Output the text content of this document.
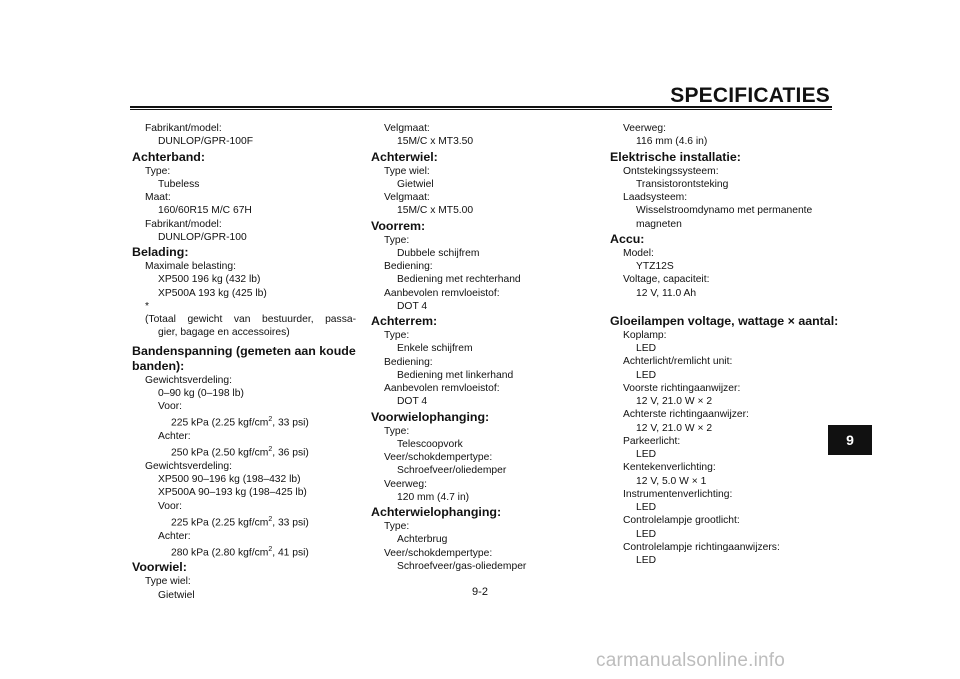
SPECIFICATIES
Fabrikant/model:
DUNLOP/GPR-100F
Achterband:
Type:
Tubeless
Maat:
160/60R15 M/C 67H
Fabrikant/model:
DUNLOP/GPR-100
Belading:
Maximale belasting:
XP500 196 kg (432 lb)
XP500A 193 kg (425 lb)
*(Totaal gewicht van bestuurder, passa-
gier, bagage en accessoires)
Bandenspanning (gemeten aan koude
banden):
Gewichtsverdeling:
0–90 kg (0–198 lb)
Voor:
225 kPa (2.25 kgf/$cm^2$, 33 psi)
Achter:
250 kPa (2.50 kgf/$cm^2$, 36 psi)
Gewichtsverdeling:
XP500 90–196 kg (198–432 lb)
XP500A 90–193 kg (198–425 lb)
Voor:
225 kPa (2.25 kgf/$cm^2$, 33 psi)
Achter:
280 kPa (2.80 kgf/$cm^2$, 41 psi)
Voorwiel:
Type wiel:
Gietwiel
Velgmaat:
15M/C x MT3.50
Achterwiel:
Type wiel:
Gietwiel
Velgmaat:
15M/C x MT5.00
Voorrem:
Type:
Dubbele schijfrem
Bediening:
Bediening met rechterhand
Aanbevolen remvloeistof:
DOT 4
Achterrem:
Type:
Enkele schijfrem
Bediening:
Bediening met linkerhand
Aanbevolen remvloeistof:
DOT 4
Voorwielophanging:
Type:
Telescoopvork
Veer/schokdempertype:
Schroefveer/oliedemper
Veerweg:
120 mm (4.7 in)
Achterwielophanging:
Type:
Achterbrug
Veer/schokdempertype:
Schroefveer/gas-oliedemper
Veerweg:
116 mm (4.6 in)
Elektrische installatie:
Ontstekingssysteem:
Transistorontsteking
Laadsysteem:
Wisselstroomdynamo met permanente
magneten
Accu:
Model:
YTZ12S
Voltage, capaciteit:
12 V, 11.0 Ah
Gloeilampen voltage, wattage × aantal:
Koplamp:
LED
Achterlicht/remlicht unit:
LED
Voorste richtingaanwijzer:
12 V, 21.0 W × 2
Achterste richtingaanwijzer:
12 V, 21.0 W × 2
Parkeerlicht:
LED
Kentekenverlichting:
12 V, 5.0 W × 1
Instrumentenverlichting:
LED
Controlelampje grootlicht:
LED
Controlelampje richtingaanwijzers:
LED
9
9-2
carmanualsonline.info
